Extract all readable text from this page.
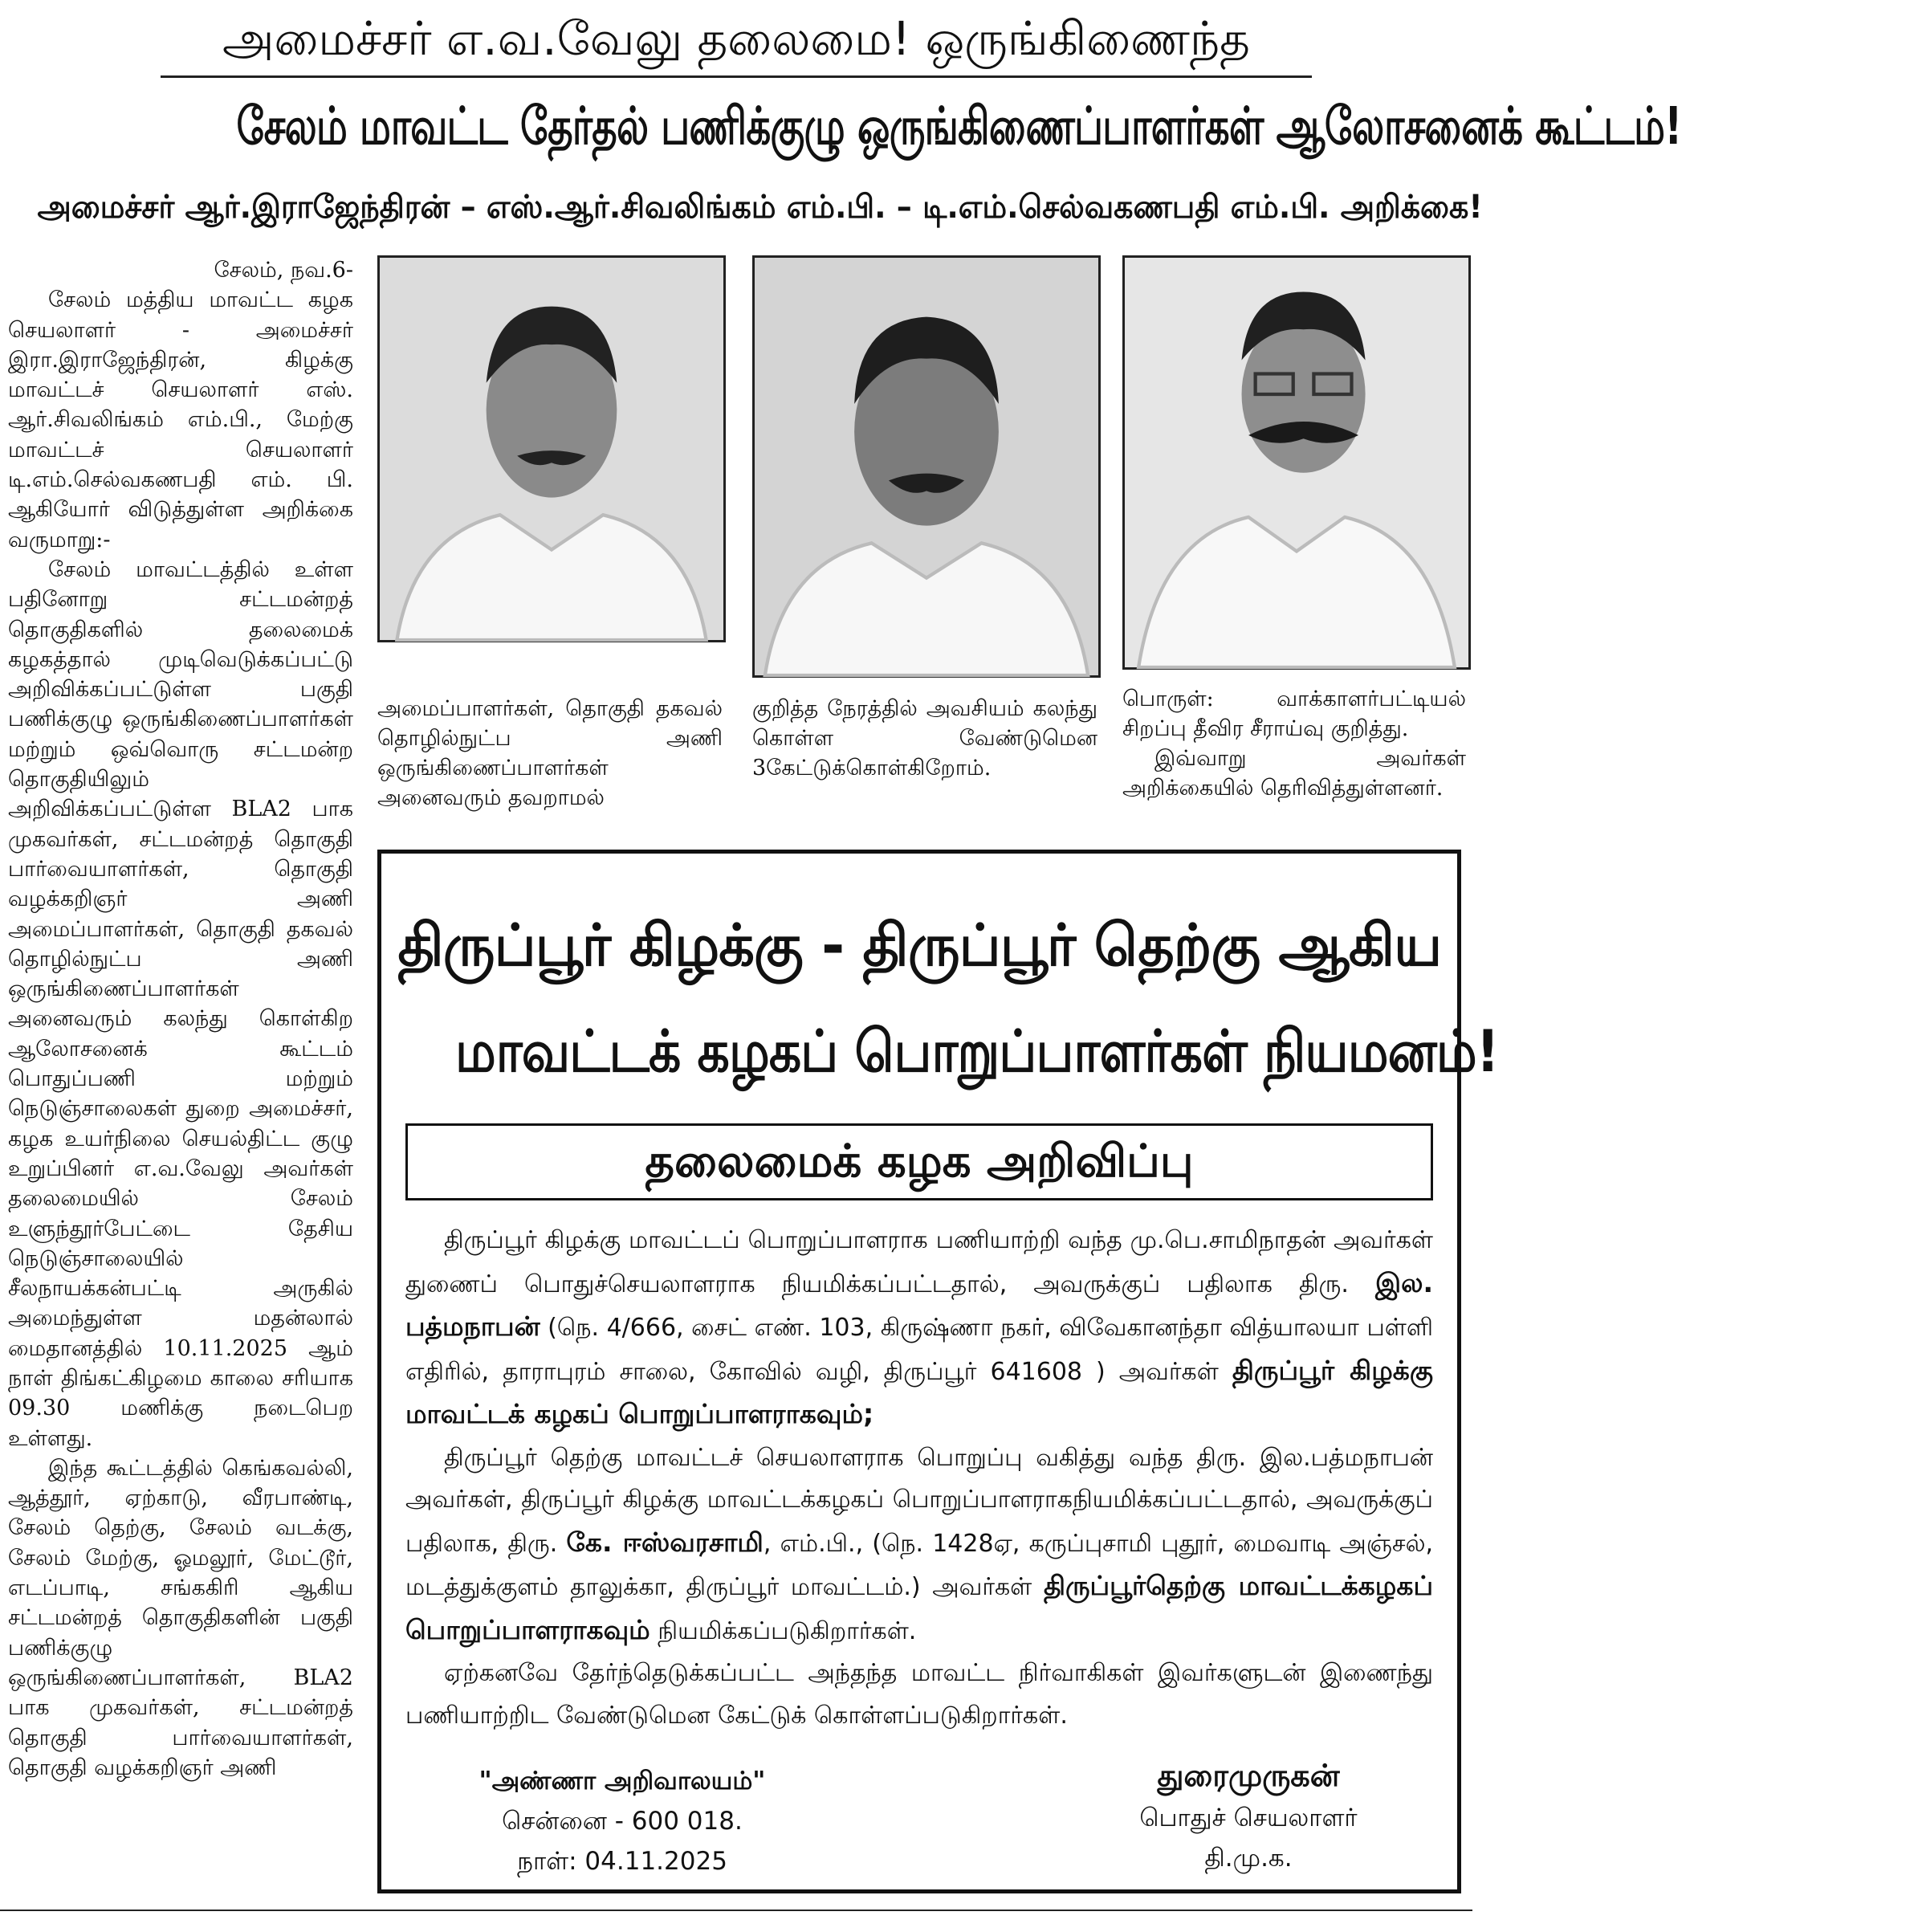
அமைச்சர் எ.வ.வேலு தலைமை! ஒருங்கிணைந்த
சேலம் மாவட்ட தேர்தல் பணிக்குழு ஒருங்கிணைப்பாளர்கள் ஆலோசனைக் கூட்டம்!
அமைச்சர் ஆர்.இராஜேந்திரன் – எஸ்.ஆர்.சிவலிங்கம் எம்.பி. – டி.எம்.செல்வகணபதி எம்.பி. அறிக்கை!
சேலம், நவ.6-

சேலம் மத்திய மாவட்ட கழக செயலாளர் - அமைச்சர் இரா.இராஜேந்திரன், கிழக்கு மாவட்டச் செயலாளர் எஸ். ஆர்.சிவலிங்கம் எம்.பி., மேற்கு மாவட்டச் செயலாளர் டி.எம்.செல்வகணபதி எம். பி. ஆகியோர் விடுத்துள்ள அறிக்கை வருமாறு:-

சேலம் மாவட்டத்தில் உள்ள பதினோறு சட்டமன்றத் தொகுதிகளில் தலைமைக் கழகத்தால் முடிவெடுக்கப்பட்டு அறிவிக்கப்பட்டுள்ள பகுதி பணிக்குழு ஒருங்கிணைப்பாளர்கள் மற்றும் ஒவ்வொரு சட்டமன்ற தொகுதியிலும் அறிவிக்கப்பட்டுள்ள BLA2 பாக முகவர்கள், சட்டமன்றத் தொகுதி பார்வையாளர்கள், தொகுதி வழக்கறிஞர் அணி அமைப்பாளர்கள், தொகுதி தகவல் தொழில்நுட்ப அணி ஒருங்கிணைப்பாளர்கள் அனைவரும் கலந்து கொள்கிற ஆலோசனைக் கூட்டம் பொதுப்பணி மற்றும் நெடுஞ்சாலைகள் துறை அமைச்சர், கழக உயர்நிலை செயல்திட்ட குழு உறுப்பினர் எ.வ.வேலு அவர்கள் தலைமையில் சேலம் உளுந்தூர்பேட்டை தேசிய நெடுஞ்சாலையில் சீலநாயக்கன்பட்டி அருகில் அமைந்துள்ள மதன்லால் மைதானத்தில் 10.11.2025 ஆம் நாள் திங்கட்கிழமை காலை சரியாக 09.30 மணிக்கு நடைபெற உள்ளது.

இந்த கூட்டத்தில் கெங்கவல்லி, ஆத்தூர், ஏற்காடு, வீரபாண்டி, சேலம் தெற்கு, சேலம் வடக்கு, சேலம் மேற்கு, ஓமலூர், மேட்டூர், எடப்பாடி, சங்ககிரி ஆகிய சட்டமன்றத் தொகுதிகளின் பகுதி பணிக்குழு ஒருங்கிணைப்பாளர்கள், BLA2 பாக முகவர்கள், சட்டமன்றத் தொகுதி பார்வையாளர்கள், தொகுதி வழக்கறிஞர் அணி

அமைப்பாளர்கள், தொகுதி தகவல் தொழில்நுட்ப அணி ஒருங்கிணைப்பாளர்கள் அனைவரும் தவறாமல்
குறித்த நேரத்தில் அவசியம் கலந்து கொள்ள வேண்டுமென 3கேட்டுக்கொள்கிறோம்.
பொருள்: வாக்காளர்பட்டியல் சிறப்பு தீவிர சீராய்வு குறித்து.
இவ்வாறு அவர்கள் அறிக்கையில் தெரிவித்துள்ளனர்.
திருப்பூர் கிழக்கு - திருப்பூர் தெற்கு ஆகிய
மாவட்டக் கழகப் பொறுப்பாளர்கள் நியமனம்!
தலைமைக் கழக அறிவிப்பு

திருப்பூர் கிழக்கு மாவட்டப் பொறுப்பாளராக பணியாற்றி வந்த மு.பெ.சாமிநாதன் அவர்கள் துணைப் பொதுச்செயலாளராக நியமிக்கப்பட்டதால், அவருக்குப் பதிலாக திரு. இல. பத்மநாபன் (நெ. 4/666, சைட் எண். 103, கிருஷ்ணா நகர், விவேகானந்தா வித்யாலயா பள்ளி எதிரில், தாராபுரம் சாலை, கோவில் வழி, திருப்பூர் 641608 ) அவர்கள் திருப்பூர் கிழக்கு மாவட்டக் கழகப் பொறுப்பாளராகவும்;

திருப்பூர் தெற்கு மாவட்டச் செயலாளராக பொறுப்பு வகித்து வந்த திரு. இல.பத்மநாபன் அவர்கள், திருப்பூர் கிழக்கு மாவட்டக்கழகப் பொறுப்பாளராகநியமிக்கப்பட்டதால், அவருக்குப் பதிலாக, திரு. கே. ஈஸ்வரசாமி, எம்.பி., (நெ. 1428ஏ, கருப்புசாமி புதூர், மைவாடி அஞ்சல், மடத்துக்குளம் தாலுக்கா, திருப்பூர் மாவட்டம்.) அவர்கள் திருப்பூர்தெற்கு மாவட்டக்கழகப் பொறுப்பாளராகவும் நியமிக்கப்படுகிறார்கள்.

ஏற்கனவே தேர்ந்தெடுக்கப்பட்ட அந்தந்த மாவட்ட நிர்வாகிகள் இவர்களுடன் இணைந்து பணியாற்றிட வேண்டுமென கேட்டுக் கொள்ளப்படுகிறார்கள்.

"அண்ணா அறிவாலயம்"
சென்னை - 600 018.
நாள்: 04.11.2025
துரைமுருகன்
பொதுச் செயலாளர்
தி.மு.க.
